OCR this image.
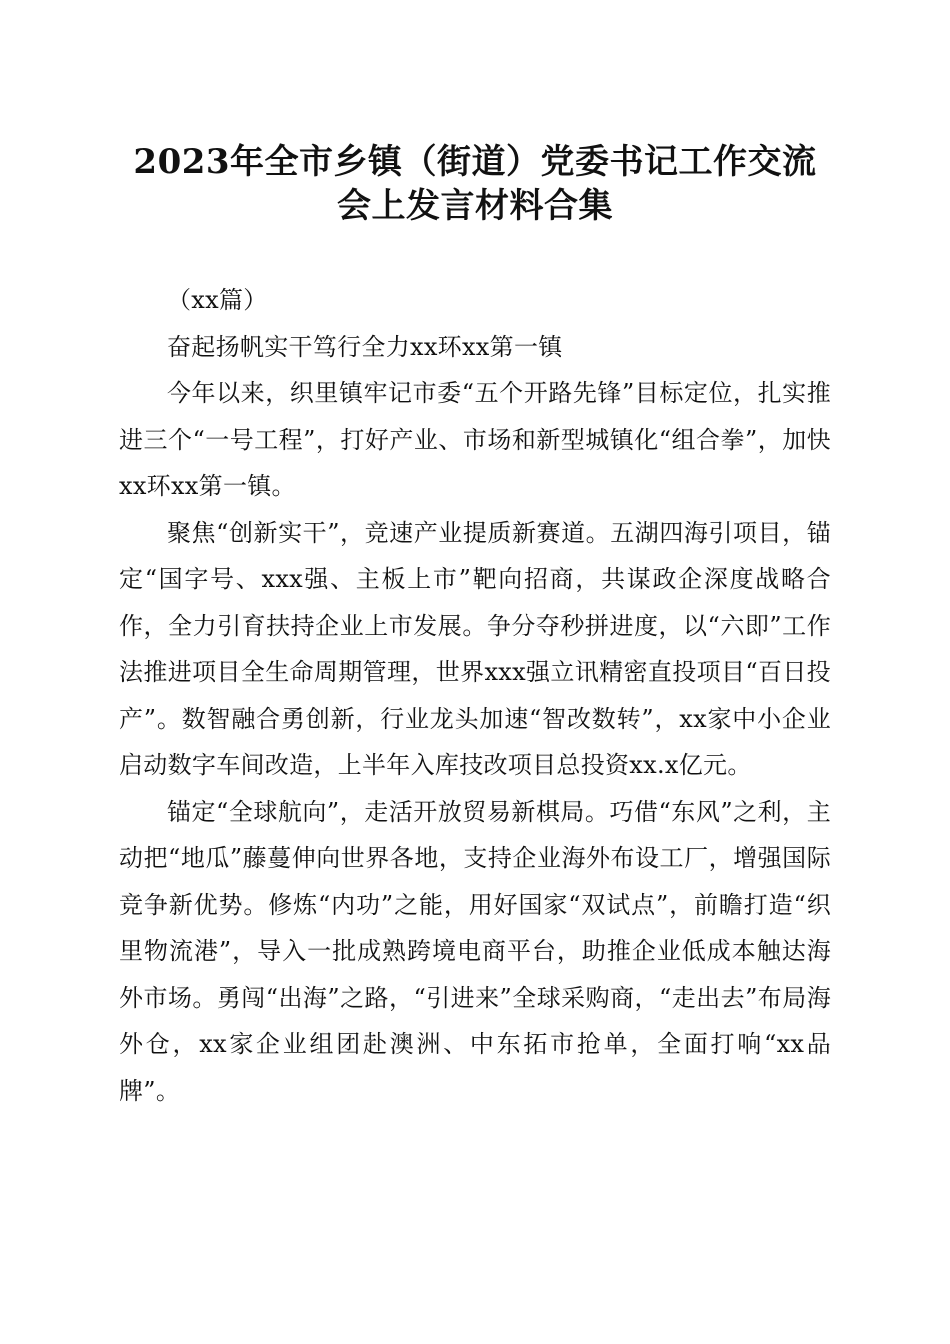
2023年全市乡镇（街道）党委书记工作交流
会上发言材料合集

（xx篇）

奋起扬帆实干笃行全力xx环xx第一镇

今年以来，织里镇牢记市委“五个开路先锋”目标定位，扎实推进三个“一号工程”，打好产业、市场和新型城镇化“组合拳”，加快xx环xx第一镇。

聚焦“创新实干”，竞速产业提质新赛道。五湖四海引项目，锚定“国字号、xxx强、主板上市”靶向招商，共谋政企深度战略合作，全力引育扶持企业上市发展。争分夺秒拼进度，以“六即”工作法推进项目全生命周期管理，世界xxx强立讯精密直投项目“百日投产”。数智融合勇创新，行业龙头加速“智改数转”，xx家中小企业启动数字车间改造，上半年入库技改项目总投资xx.x亿元。

锚定“全球航向”，走活开放贸易新棋局。巧借“东风”之利，主动把“地瓜”藤蔓伸向世界各地，支持企业海外布设工厂，增强国际竞争新优势。修炼“内功”之能，用好国家“双试点”，前瞻打造“织里物流港”，导入一批成熟跨境电商平台，助推企业低成本触达海外市场。勇闯“出海”之路，“引进来”全球采购商，“走出去”布局海外仓，xx家企业组团赴澳洲、中东拓市抢单，全面打响“xx品牌”。
